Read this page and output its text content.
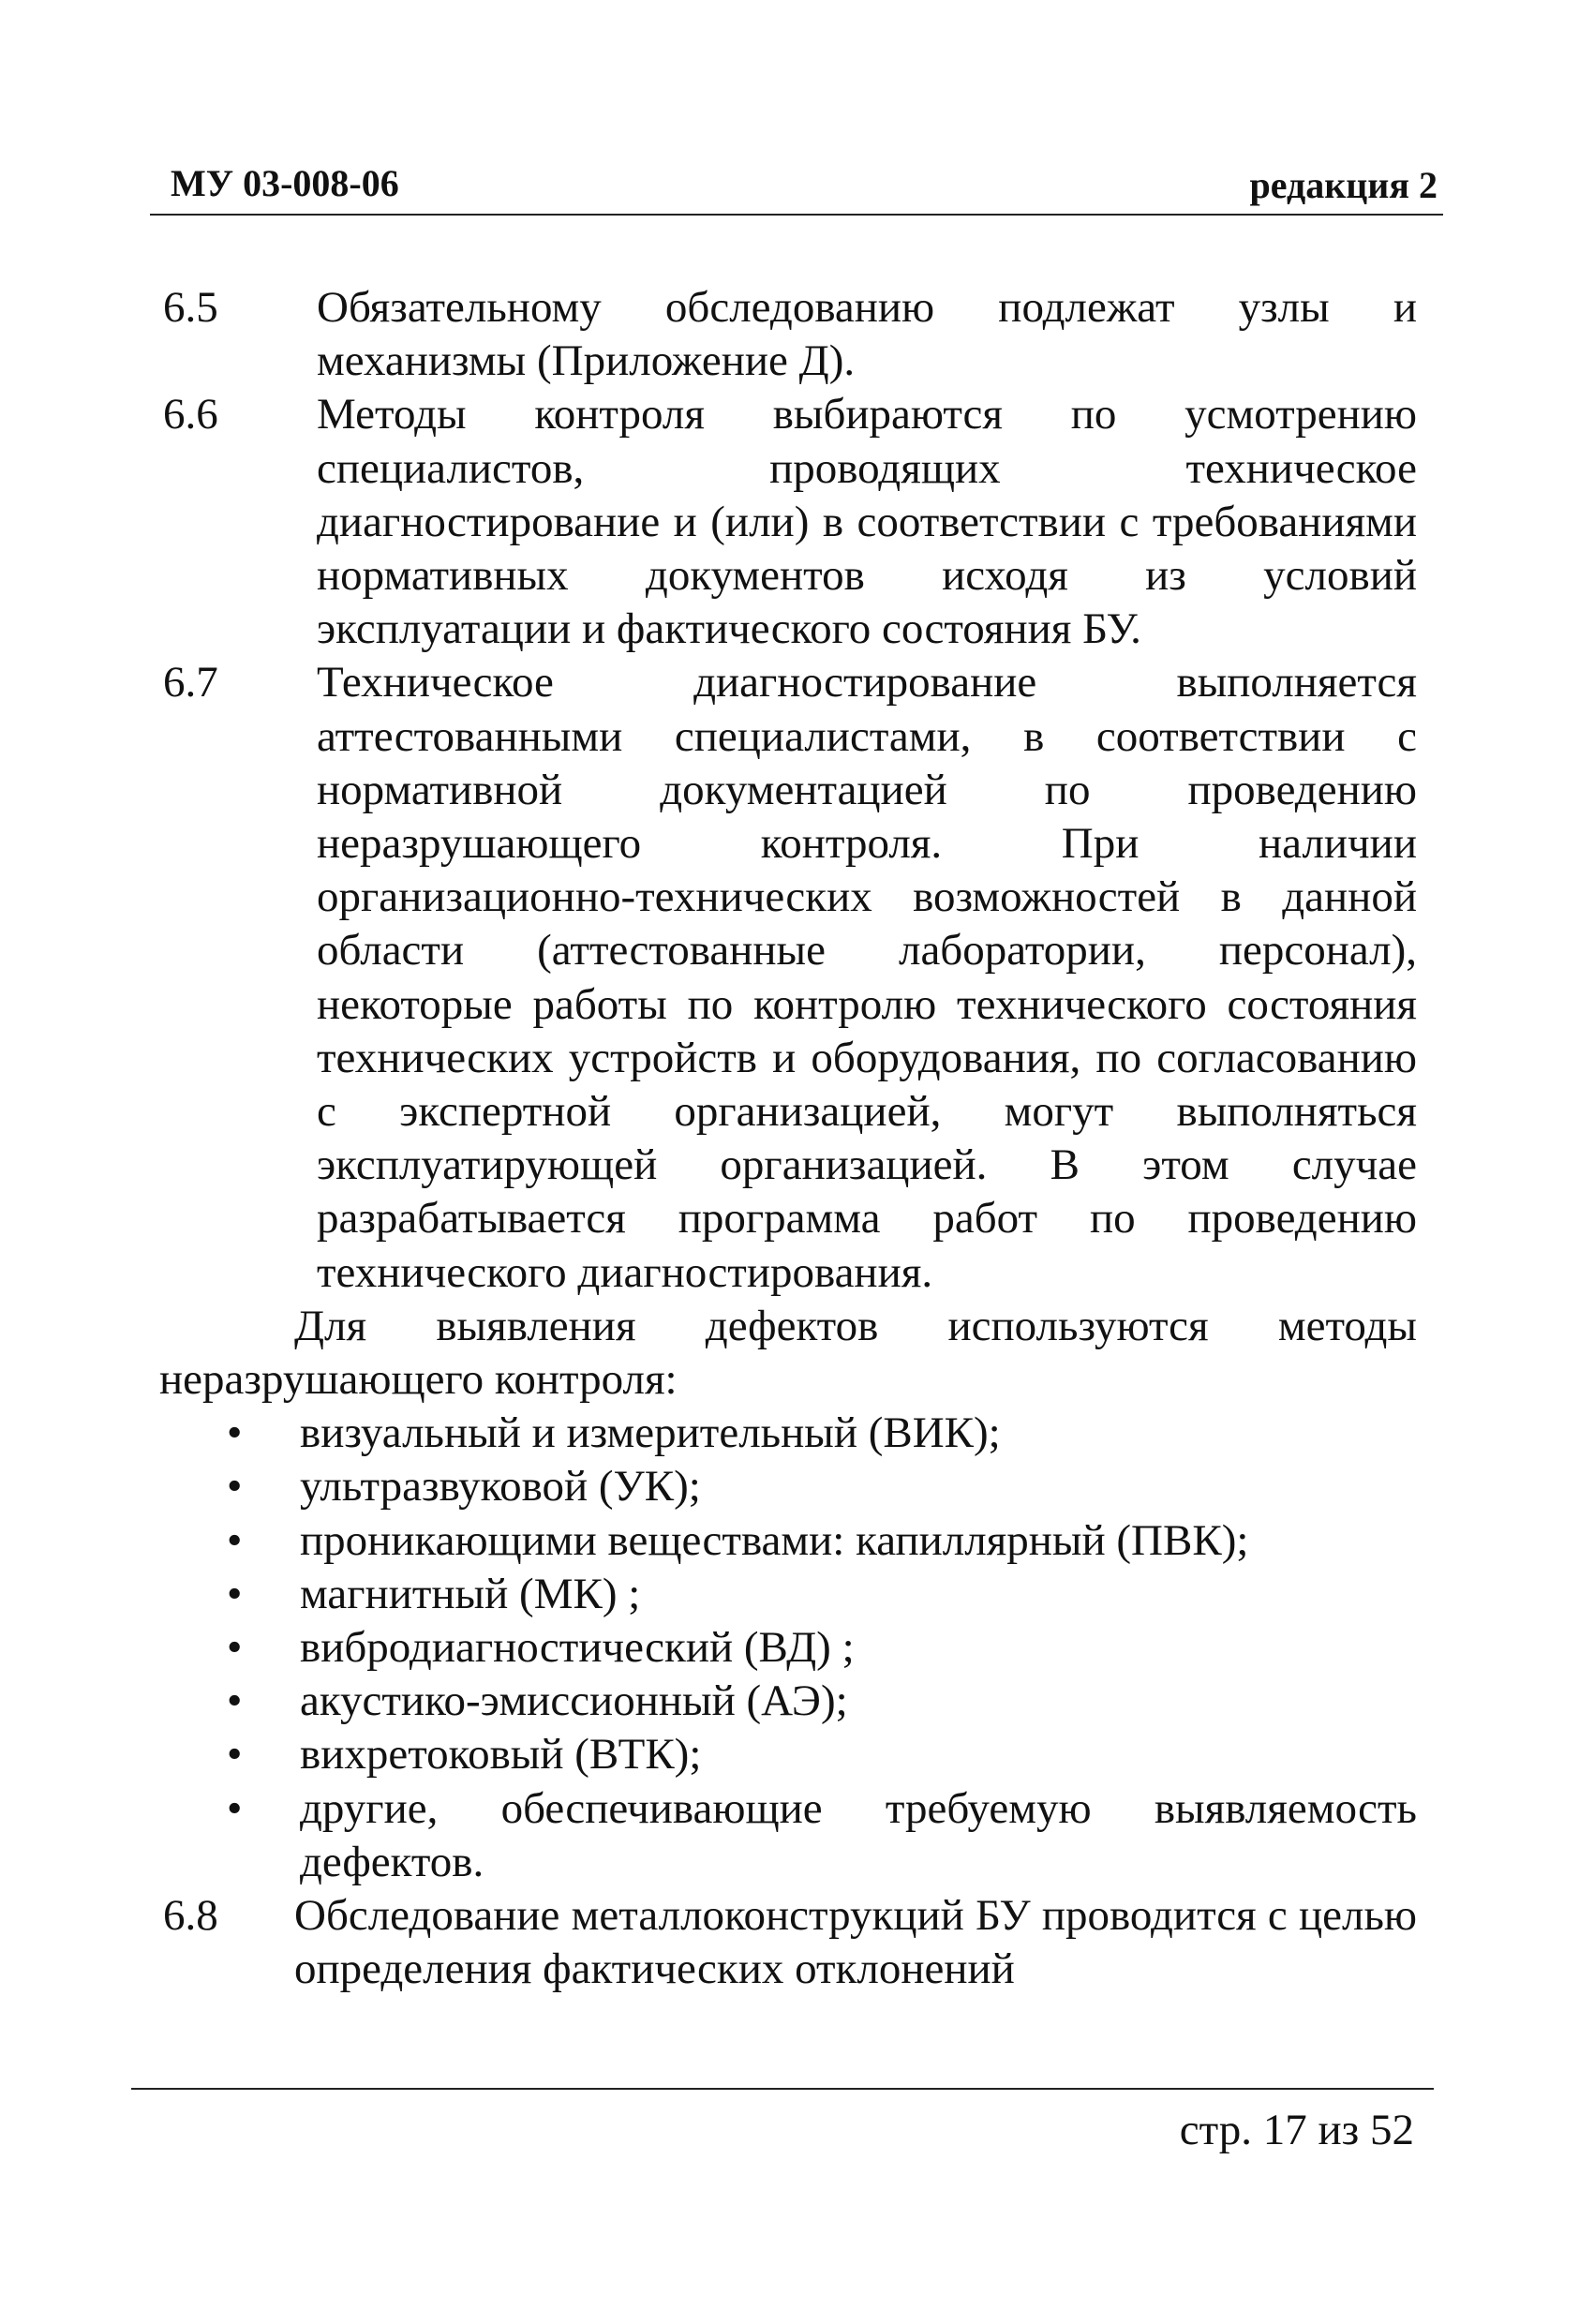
МУ 03-008-06	редакция 2
6.5 Обязательному обследованию подлежат узлы и механизмы (Приложение Д).
6.6 Методы контроля выбираются по усмотрению специалистов, проводящих техническое диагностирование и (или) в соответствии с требованиями нормативных документов исходя из условий эксплуатации и фактического состояния БУ.
6.7 Техническое диагностирование выполняется аттестованными специалистами, в соответствии с нормативной документацией по проведению неразрушающего контроля. При наличии организационно-технических возможностей в данной области (аттестованные лаборатории, персонал), некоторые работы по контролю технического состояния технических устройств и оборудования, по согласованию с экспертной организацией, могут выполняться эксплуатирующей организацией. В этом случае разрабатывается программа работ по проведению технического диагностирования.
Для выявления дефектов используются методы неразрушающего контроля:
• визуальный и измерительный (ВИК);
• ультразвуковой (УК);
• проникающими веществами: капиллярный (ПВК);
• магнитный (МК) ;
• вибродиагностический (ВД) ;
• акустико-эмиссионный (АЭ);
• вихретоковый (ВТК);
• другие, обеспечивающие требуемую выявляемость дефектов.
6.8 Обследование металлоконструкций БУ проводится с целью определения фактических отклонений
стр. 17 из 52
